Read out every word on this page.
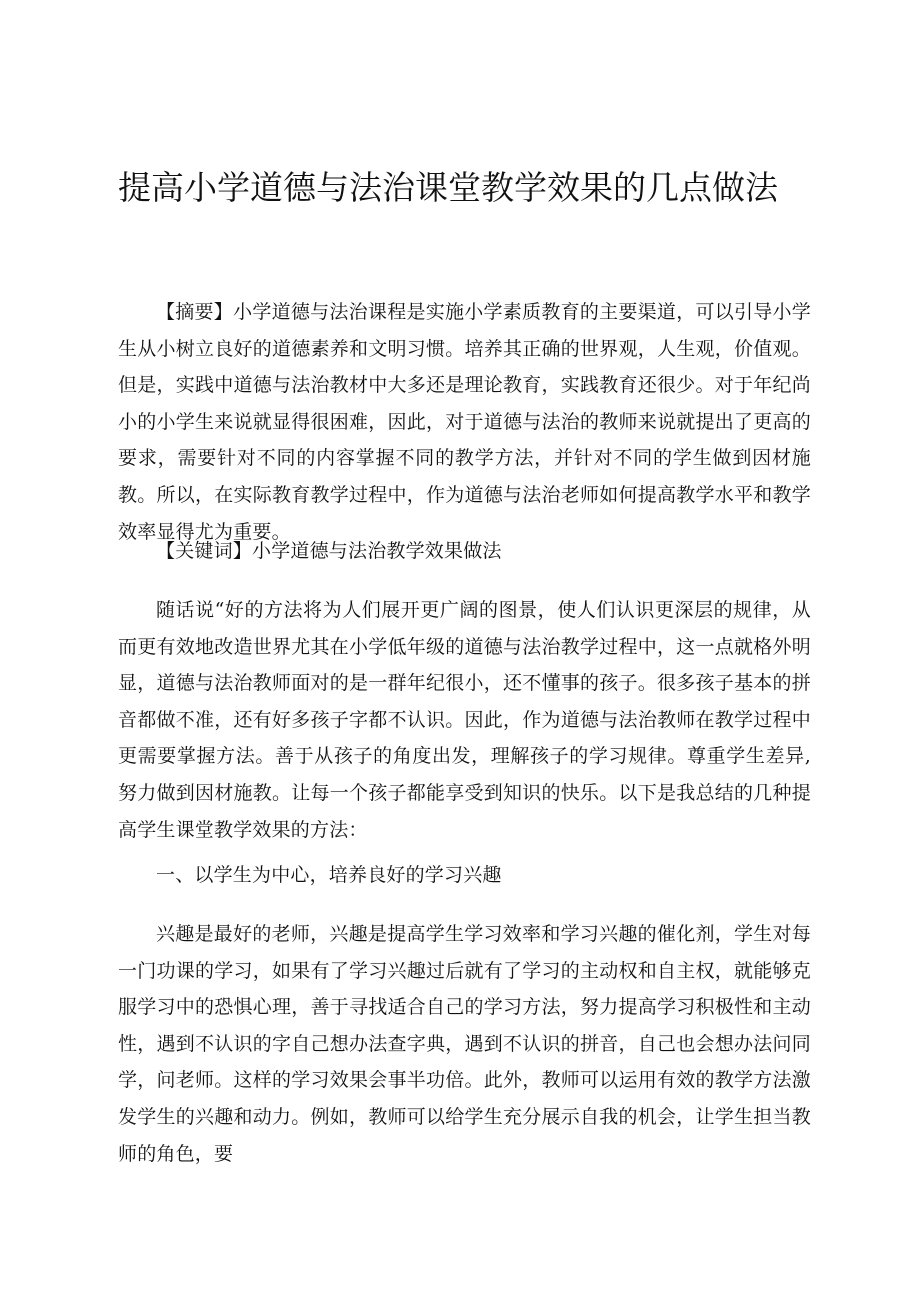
提高小学道德与法治课堂教学效果的几点做法

【摘要】小学道德与法治课程是实施小学素质教育的主要渠道，可以引导小学生从小树立良好的道德素养和文明习惯。培养其正确的世界观，人生观，价值观。但是，实践中道德与法治教材中大多还是理论教育，实践教育还很少。对于年纪尚小的小学生来说就显得很困难，因此，对于道德与法治的教师来说就提出了更高的要求，需要针对不同的内容掌握不同的教学方法，并针对不同的学生做到因材施教。所以，在实际教育教学过程中，作为道德与法治老师如何提高教学水平和教学效率显得尤为重要。

【关键词】小学道德与法治教学效果做法

随话说“好的方法将为人们展开更广阔的图景，使人们认识更深层的规律，从而更有效地改造世界尤其在小学低年级的道德与法治教学过程中，这一点就格外明显，道德与法治教师面对的是一群年纪很小，还不懂事的孩子。很多孩子基本的拼音都做不准，还有好多孩子字都不认识。因此，作为道德与法治教师在教学过程中更需要掌握方法。善于从孩子的角度出发，理解孩子的学习规律。尊重学生差异,努力做到因材施教。让每一个孩子都能享受到知识的快乐。以下是我总结的几种提高学生课堂教学效果的方法：

一、以学生为中心，培养良好的学习兴趣

兴趣是最好的老师，兴趣是提高学生学习效率和学习兴趣的催化剂，学生对每一门功课的学习，如果有了学习兴趣过后就有了学习的主动权和自主权，就能够克服学习中的恐惧心理，善于寻找适合自己的学习方法，努力提高学习积极性和主动性，遇到不认识的字自己想办法查字典，遇到不认识的拼音，自己也会想办法问同学，问老师。这样的学习效果会事半功倍。此外，教师可以运用有效的教学方法激发学生的兴趣和动力。例如，教师可以给学生充分展示自我的机会，让学生担当教师的角色，要
